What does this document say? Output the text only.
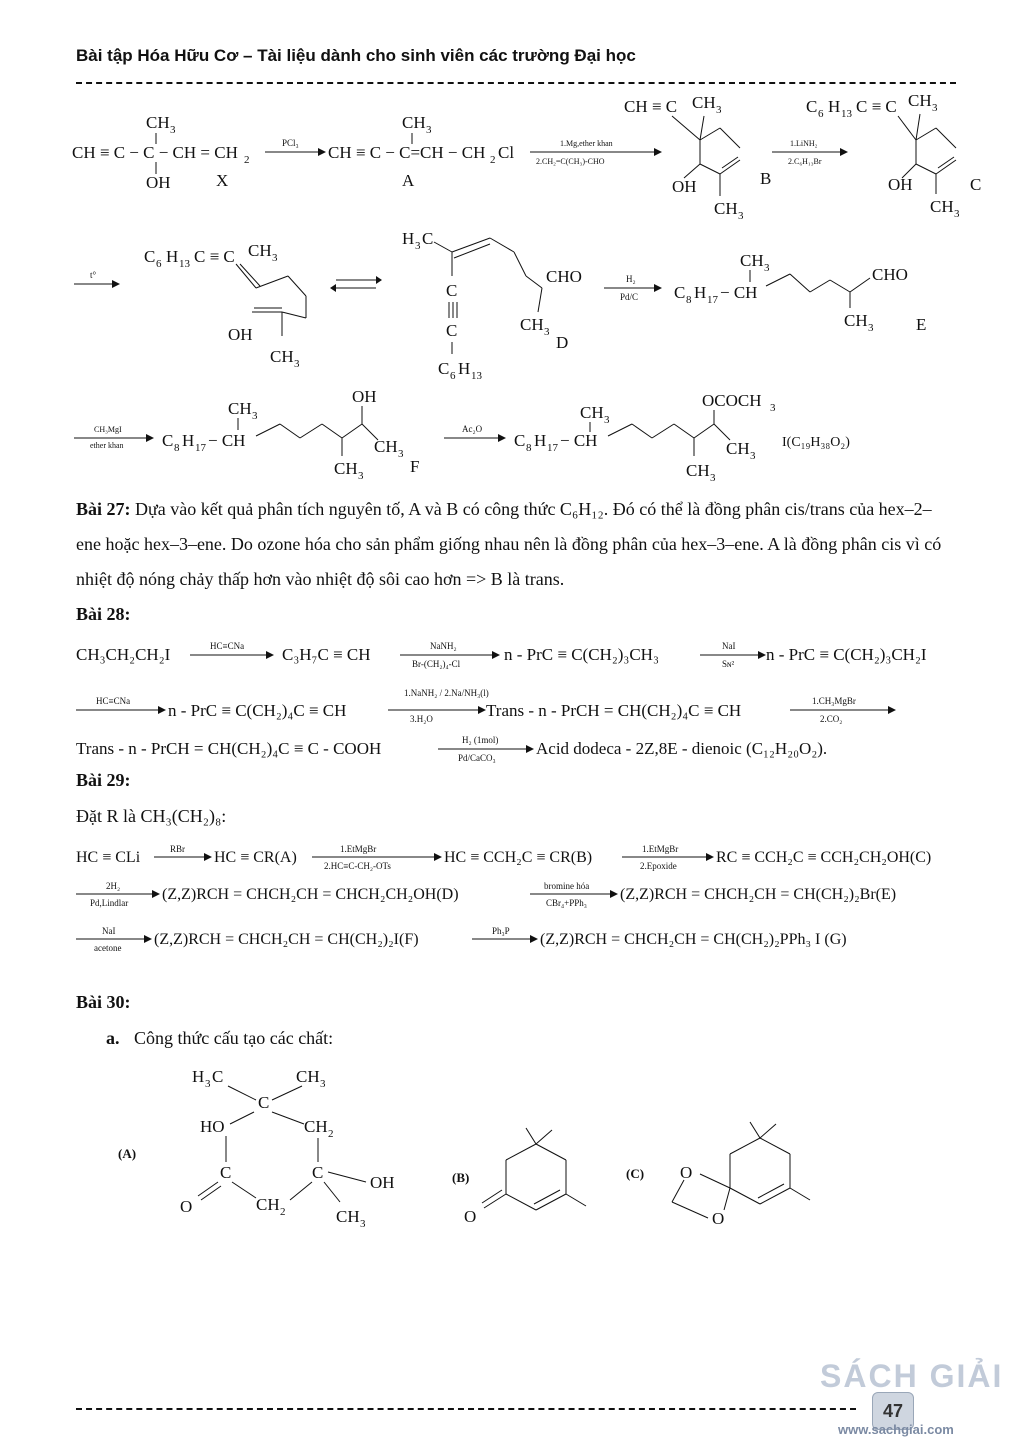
Bài tập Hóa Hữu Cơ – Tài liệu dành cho sinh viên các trường Đại học
CH ≡ C − C − CH = CH 2
CH 3
OH	X
PCl₃ CH ≡ C − C=CH − CH 2 Cl
CH 3
A
1.Mg,ether khan
2.CH₂=C(CH₃)-CHO
CH ≡ C CH 3
OH
CH 3
B
1.LiNH₂
2.C₆H₁₃Br
C 6 H 13 C ≡ C CH 3
OH
CH 3
C
t°
C 6 H 13 C ≡ C CH 3
OH
CH 3
H 3 C
CHO
CH 3
C
C
C 6 H 13
D
H₂
Pd/C C 8 H 17 − CH
CH 3	CHO
CH 3	E
CH₃MgI
ether khan C 8 H 17 − CH
CH 3
OH
CH 3
CH 3	F
Ac₂O
C 8 H 17 − CH
CH 3
OCOCH 3
CH 3
CH 3
I(C₁₉H₃₈O₂)
Bài 27: Dựa vào kết quả phân tích nguyên tố, A và B có công thức C₆H₁₂. Đó có thể là đồng phân cis/trans của hex–2–ene hoặc hex–3–ene. Do ozone hóa cho sản phẩm giống nhau nên là đồng phân của hex–3–ene. A là đồng phân cis vì có nhiệt độ nóng chảy thấp hơn vào nhiệt độ sôi cao hơn => B là trans.
Bài 28:
CH₃CH₂CH₂I	HC≡CNa C₃H₇C ≡ CH	NaNH₂
Br-(CH₂)₄-Cl	n - PrC ≡ C(CH₂)₃CH₃	NaI
Sɴ² n - PrC ≡ C(CH₂)₃CH₂I
HC≡CNa n - PrC ≡ C(CH₂)₄C ≡ CH
1.NaNH₂ / 2.Na/NH₃(l)
3.H₂O	Trans - n - PrCH = CH(CH₂)₄C ≡ CH	1.CH₃MgBr
2.CO₂
Trans - n - PrCH = CH(CH₂)₄C ≡ C - COOH	H₂ (1mol)
Pd/CaCO₃ Acid dodeca - 2Z,8E - dienoic (C₁₂H₂₀O₂).
Bài 29:
Đặt R là CH₃(CH₂)₈:
HC ≡ CLi	RBr HC ≡ CR(A)	1.EtMgBr
2.HC≡C-CH₂-OTs	HC ≡ CCH₂C ≡ CR(B)	1.EtMgBr
2.Epoxide RC ≡ CCH₂C ≡ CCH₂CH₂OH(C)
2H₂
Pd,Lindlar (Z,Z)RCH = CHCH₂CH = CHCH₂CH₂OH(D)	bromine hóa
CBr₄+PPh₃ (Z,Z)RCH = CHCH₂CH = CH(CH₂)₂Br(E)
NaI
acetone (Z,Z)RCH = CHCH₂CH = CH(CH₂)₂I(F)	Ph₃P (Z,Z)RCH = CHCH₂CH = CH(CH₂)₂PPh₃ I (G)
Bài 30:
a. Công thức cấu tạo các chất:
(A)
H 3 C	CH 3
C
HO	CH 2
C
O
C
OH
CH 3
CH 2
(B)
O
(C) O
O
47
SÁCH GIẢI
www.sachgiai.com
